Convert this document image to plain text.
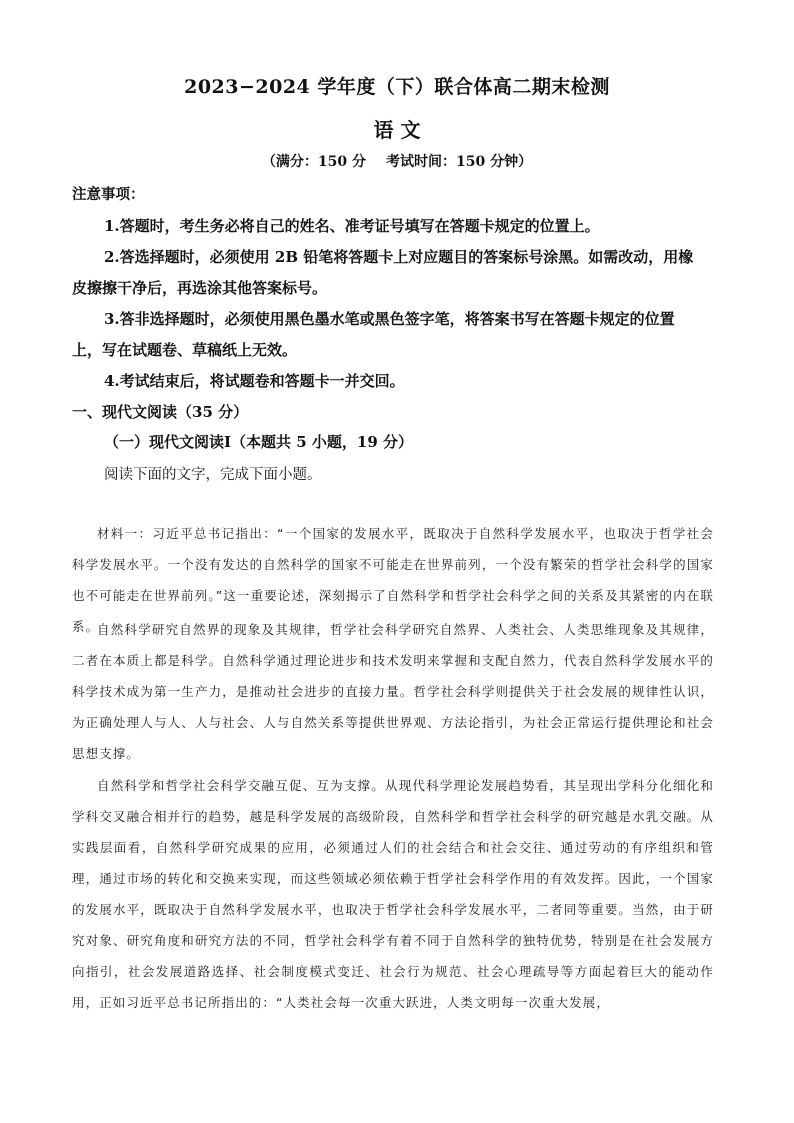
2023−2024 学年度（下）联合体高二期末检测
语 文
（满分：150 分 考试时间：150 分钟）
注意事项：
1.答题时，考生务必将自己的姓名、准考证号填写在答题卡规定的位置上。
2.答选择题时，必须使用 2B 铅笔将答题卡上对应题目的答案标号涂黑。如需改动，用橡
皮擦擦干净后，再选涂其他答案标号。
3.答非选择题时，必须使用黑色墨水笔或黑色签字笔，将答案书写在答题卡规定的位置
上，写在试题卷、草稿纸上无效。
4.考试结束后，将试题卷和答题卡一并交回。
一、现代文阅读（35 分）
（一）现代文阅读Ⅰ（本题共 5 小题，19 分）
阅读下面的文字，完成下面小题。

材料一：习近平总书记指出：“一个国家的发展水平，既取决于自然科学发展水平，也取决于哲学社会科学发展水平。一个没有发达的自然科学的国家不可能走在世界前列，一个没有繁荣的哲学社会科学的国家也不可能走在世界前列。”这一重要论述，深刻揭示了自然科学和哲学社会科学之间的关系及其紧密的内在联系。

自然科学研究自然界的现象及其规律，哲学社会科学研究自然界、人类社会、人类思维现象及其规律，二者在本质上都是科学。自然科学通过理论进步和技术发明来掌握和支配自然力，代表自然科学发展水平的科学技术成为第一生产力，是推动社会进步的直接力量。哲学社会科学则提供关于社会发展的规律性认识，为正确处理人与人、人与社会、人与自然关系等提供世界观、方法论指引，为社会正常运行提供理论和社会思想支撑。

自然科学和哲学社会科学交融互促、互为支撑。从现代科学理论发展趋势看，其呈现出学科分化细化和学科交叉融合相并行的趋势，越是科学发展的高级阶段，自然科学和哲学社会科学的研究越是水乳交融。从实践层面看，自然科学研究成果的应用，必须通过人们的社会结合和社会交往、通过劳动的有序组织和管理，通过市场的转化和交换来实现，而这些领域必须依赖于哲学社会科学作用的有效发挥。因此，一个国家的发展水平，既取决于自然科学发展水平，也取决于哲学社会科学发展水平，二者同等重要。当然，由于研究对象、研究角度和研究方法的不同，哲学社会科学有着不同于自然科学的独特优势，特别是在社会发展方向指引，社会发展道路选择、社会制度模式变迁、社会行为规范、社会心理疏导等方面起着巨大的能动作用，正如习近平总书记所指出的：“人类社会每一次重大跃进，人类文明每一次重大发展，
